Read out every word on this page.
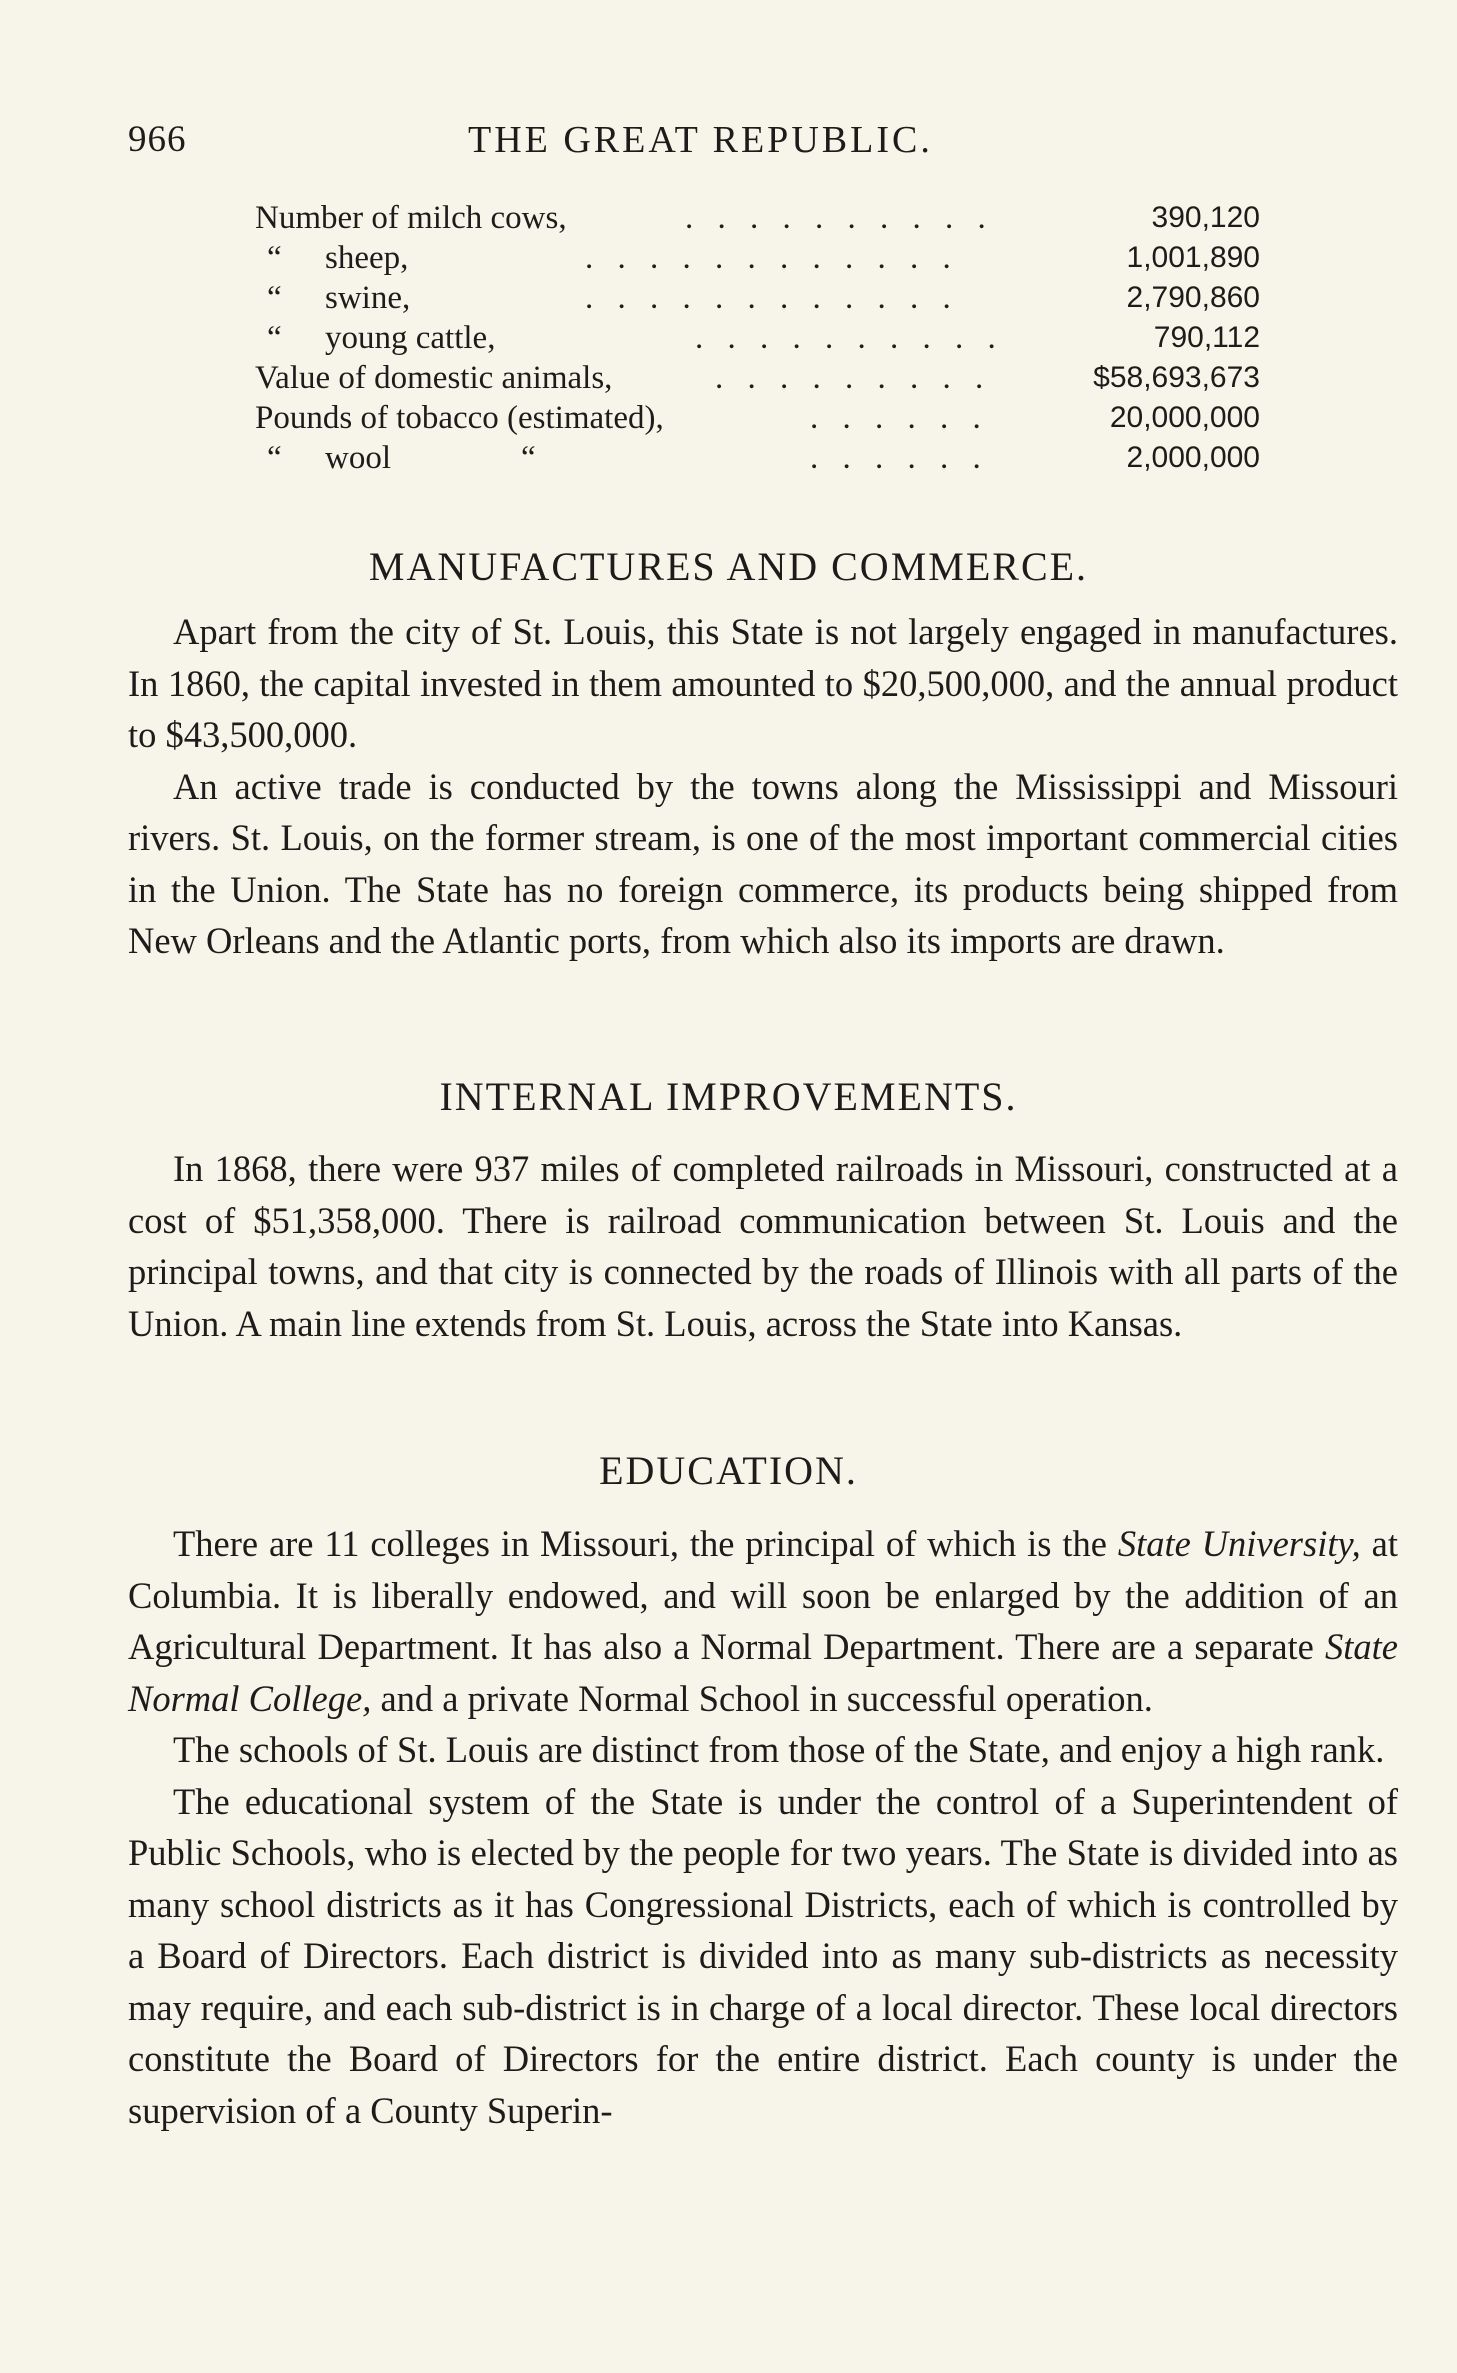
966	THE GREAT REPUBLIC.
Number of milch cows,	. . . . . . . . . .	390,120
“ sheep,	. . . . . . . . . . . .	1,001,890
“ swine,	. . . . . . . . . . . .	2,790,860
“ young cattle,	. . . . . . . . . .	790,112
Value of domestic animals,	. . . . . . . . .	$58,693,673
Pounds of tobacco (estimated),	. . . . . .	20,000,000
“ wool	“	. . . . . .	2,000,000
MANUFACTURES AND COMMERCE.

Apart from the city of St. Louis, this State is not largely engaged in manufactures. In 1860, the capital invested in them amounted to $20,500,000, and the annual product to $43,500,000.

An active trade is conducted by the towns along the Mississippi and Missouri rivers. St. Louis, on the former stream, is one of the most important commercial cities in the Union. The State has no foreign commerce, its products being shipped from New Orleans and the Atlantic ports, from which also its imports are drawn.

INTERNAL IMPROVEMENTS.

In 1868, there were 937 miles of completed railroads in Missouri, constructed at a cost of $51,358,000. There is railroad communication between St. Louis and the principal towns, and that city is connected by the roads of Illinois with all parts of the Union. A main line extends from St. Louis, across the State into Kansas.

EDUCATION.

There are 11 colleges in Missouri, the principal of which is the State University, at Columbia. It is liberally endowed, and will soon be enlarged by the addition of an Agricultural Department. It has also a Normal Department. There are a separate State Normal College, and a private Normal School in successful operation.

The schools of St. Louis are distinct from those of the State, and enjoy a high rank.

The educational system of the State is under the control of a Superintendent of Public Schools, who is elected by the people for two years. The State is divided into as many school districts as it has Congressional Districts, each of which is controlled by a Board of Directors. Each district is divided into as many sub-districts as necessity may require, and each sub-district is in charge of a local director. These local directors constitute the Board of Directors for the entire district. Each county is under the supervision of a County Superin-
